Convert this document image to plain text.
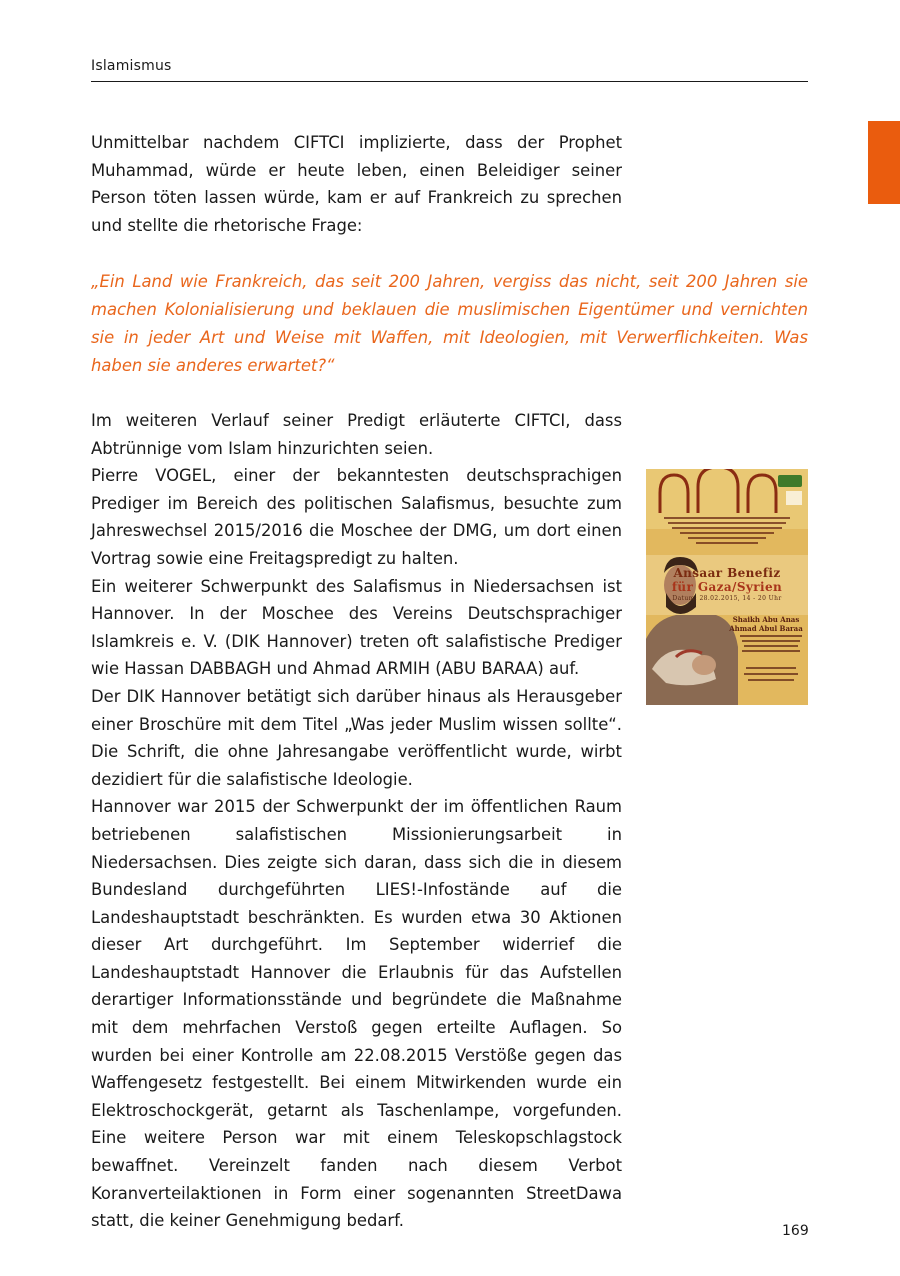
Islamismus

Unmittelbar nachdem CIFTCI implizierte, dass der Prophet Muhammad, würde er heute leben, einen Beleidiger seiner Person töten lassen würde, kam er auf Frankreich zu sprechen und stellte die rhetorische Frage:

„Ein Land wie Frankreich, das seit 200 Jahren, vergiss das nicht, seit 200 Jahren sie machen Kolonialisierung und beklauen die muslimischen Eigentümer und vernichten sie in jeder Art und Weise mit Waffen, mit Ideologien, mit Verwerflichkeiten. Was haben sie anderes erwartet?“

Im weiteren Verlauf seiner Predigt erläuterte CIFTCI, dass Abtrünnige vom Islam hinzurichten seien.
Pierre VOGEL, einer der bekanntesten deutschsprachigen Prediger im Bereich des politischen Salafismus, besuchte zum Jahreswechsel 2015/2016 die Moschee der DMG, um dort einen Vortrag sowie eine Freitagspredigt zu halten.
Ein weiterer Schwerpunkt des Salafismus in Niedersachsen ist Hannover. In der Moschee des Vereins Deutschsprachiger Islamkreis e. V. (DIK Hannover) treten oft salafistische Prediger wie Hassan DABBAGH und Ahmad ARMIH (ABU BARAA) auf.
Der DIK Hannover betätigt sich darüber hinaus als Herausgeber einer Broschüre mit dem Titel „Was jeder Muslim wissen sollte“. Die Schrift, die ohne Jahresangabe veröffentlicht wurde, wirbt dezidiert für die salafistische Ideologie.
Hannover war 2015 der Schwerpunkt der im öffentlichen Raum betriebenen salafistischen Missionierungsarbeit in Niedersachsen. Dies zeigte sich daran, dass sich die in diesem Bundesland durchgeführten LIES!-Infostände auf die Landeshauptstadt beschränkten. Es wurden etwa 30 Aktionen dieser Art durchgeführt. Im September widerrief die Landeshauptstadt Hannover die Erlaubnis für das Aufstellen derartiger Informationsstände und begründete die Maßnahme mit dem mehrfachen Verstoß gegen erteilte Auflagen. So wurden bei einer Kontrolle am 22.08.2015 Verstöße gegen das Waffengesetz festgestellt. Bei einem Mitwirkenden wurde ein Elektroschockgerät, getarnt als Taschenlampe, vorgefunden. Eine weitere Person war mit einem Teleskopschlagstock bewaffnet. Vereinzelt fanden nach diesem Verbot Koranverteilaktionen in Form einer sogenannten StreetDawa statt, die keiner Genehmigung bedarf.

Ansaar Benefiz
für Gaza/Syrien
Datum: 28.02.2015, 14 - 20 Uhr
Shaikh Abu Anas
Ahmad Abul Baraa
169
